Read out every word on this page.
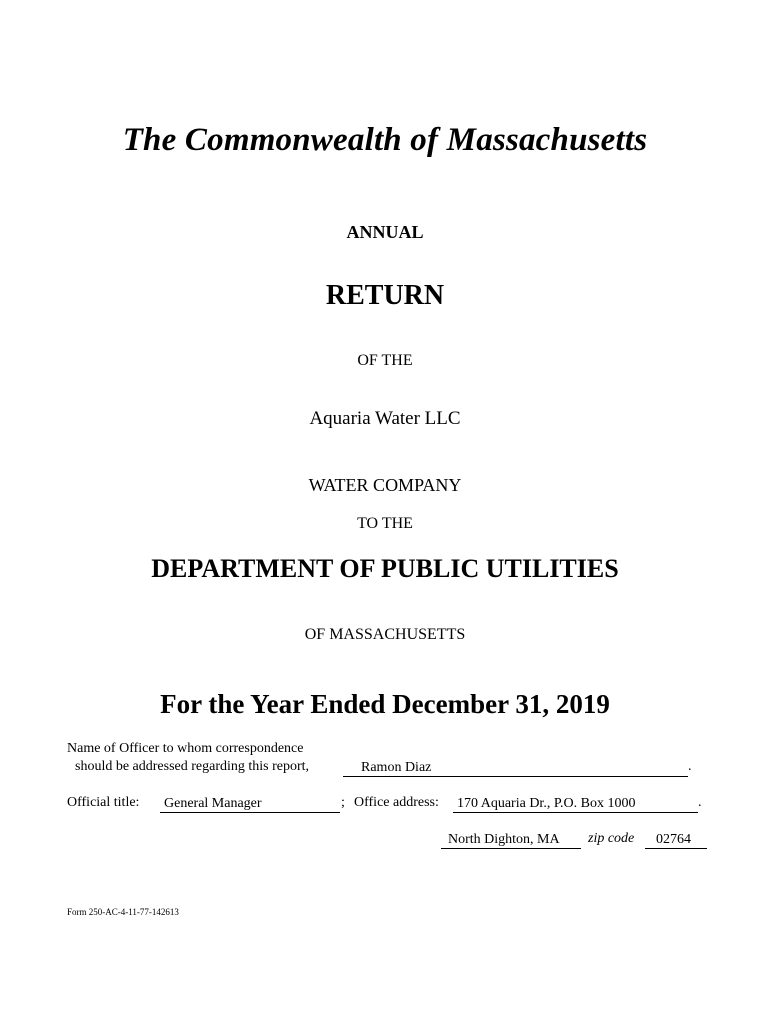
The Commonwealth of Massachusetts
ANNUAL
RETURN
OF THE
Aquaria Water LLC
WATER COMPANY
TO THE
DEPARTMENT OF PUBLIC UTILITIES
OF MASSACHUSETTS
For the Year Ended December 31, 2019
Name of Officer to whom correspondence
should be addressed regarding this report,	Ramon Diaz	.
Official title: General Manager	; Office address: 170 Aquaria Dr., P.O. Box 1000	.
North Dighton, MA	zip code	02764
Form 250-AC-4-11-77-142613
